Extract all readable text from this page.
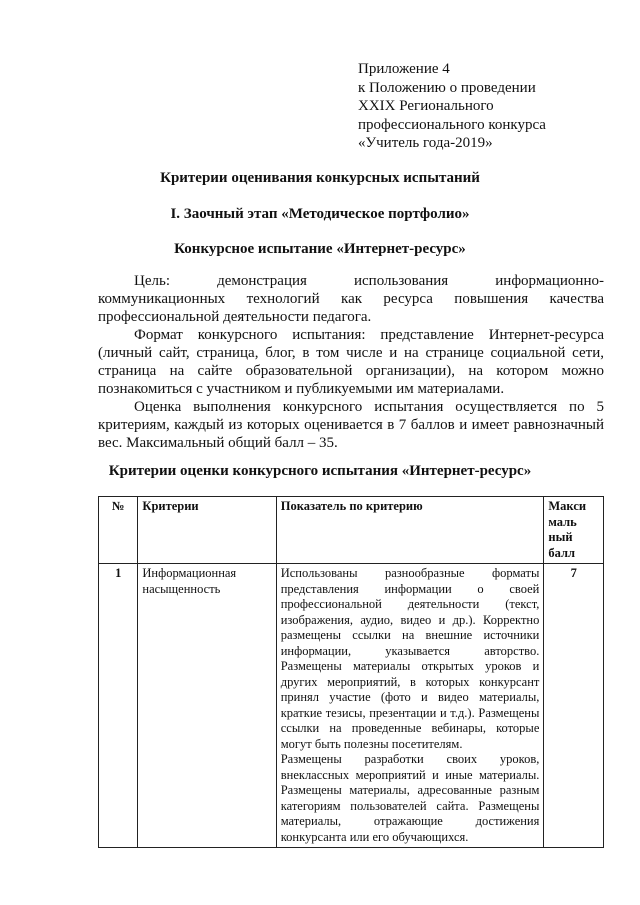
Приложение 4
к Положению о проведении
XXIX Регионального
профессионального конкурса
«Учитель года-2019»
Критерии оценивания конкурсных испытаний
I. Заочный этап «Методическое портфолио»
Конкурсное испытание «Интернет-ресурс»
Цель:	демонстрация	использования	информационно-
коммуникационных технологий как ресурса повышения качества профессиональной деятельности педагога.

Формат конкурсного испытания: представление Интернет-ресурса (личный сайт, страница, блог, в том числе и на странице социальной сети, страница на сайте образовательной организации), на котором можно познакомиться с участником и публикуемыми им материалами.

Оценка выполнения конкурсного испытания осуществляется по 5 критериям, каждый из которых оценивается в 7 баллов и имеет равнозначный вес. Максимальный общий балл – 35.

Критерии оценки конкурсного испытания «Интернет-ресурс»
№	Критерии	Показатель по критерию	Макси
маль
ный
балл

1	Информационная насыщенность	Использованы разнообразные форматы представления информации о своей профессиональной деятельности (текст, изображения, аудио, видео и др.). Корректно размещены ссылки на внешние источники информации, указывается авторство. Размещены материалы открытых уроков и других мероприятий, в которых конкурсант принял участие (фото и видео материалы, краткие тезисы, презентации и т.д.). Размещены ссылки на проведенные вебинары, которые могут быть полезны посетителям.
Размещены разработки своих уроков, внеклассных мероприятий и иные материалы. Размещены материалы, адресованные разным категориям пользователей сайта. Размещены материалы, отражающие достижения конкурсанта или его обучающихся.	7
